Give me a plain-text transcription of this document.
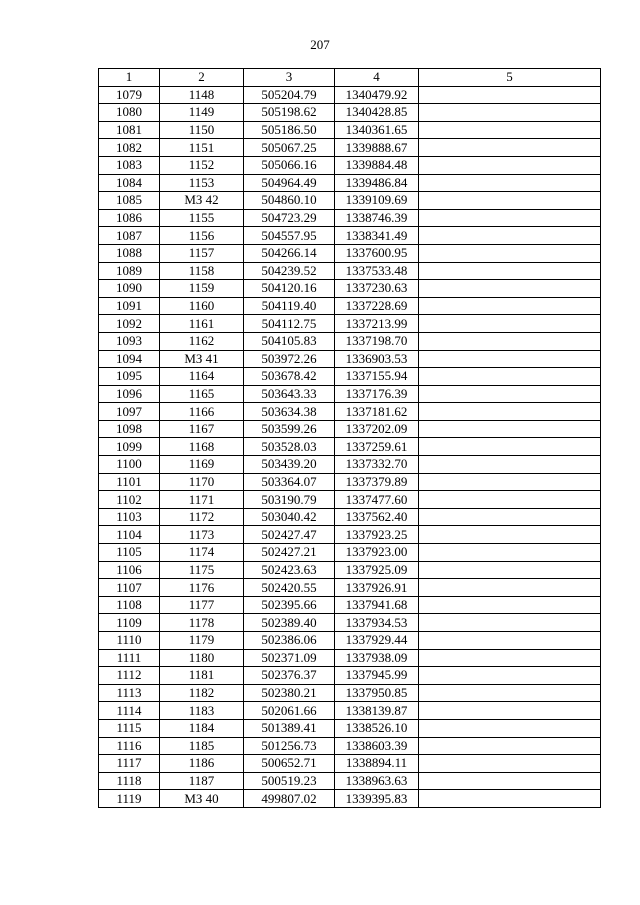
207
1	2	3	4	5
1079	1148	505204.79	1340479.92	
1080	1149	505198.62	1340428.85	
1081	1150	505186.50	1340361.65	
1082	1151	505067.25	1339888.67	
1083	1152	505066.16	1339884.48	
1084	1153	504964.49	1339486.84	
1085	МЗ 42	504860.10	1339109.69	
1086	1155	504723.29	1338746.39	
1087	1156	504557.95	1338341.49	
1088	1157	504266.14	1337600.95	
1089	1158	504239.52	1337533.48	
1090	1159	504120.16	1337230.63	
1091	1160	504119.40	1337228.69	
1092	1161	504112.75	1337213.99	
1093	1162	504105.83	1337198.70	
1094	МЗ 41	503972.26	1336903.53	
1095	1164	503678.42	1337155.94	
1096	1165	503643.33	1337176.39	
1097	1166	503634.38	1337181.62	
1098	1167	503599.26	1337202.09	
1099	1168	503528.03	1337259.61	
1100	1169	503439.20	1337332.70	
1101	1170	503364.07	1337379.89	
1102	1171	503190.79	1337477.60	
1103	1172	503040.42	1337562.40	
1104	1173	502427.47	1337923.25	
1105	1174	502427.21	1337923.00	
1106	1175	502423.63	1337925.09	
1107	1176	502420.55	1337926.91	
1108	1177	502395.66	1337941.68	
1109	1178	502389.40	1337934.53	
1110	1179	502386.06	1337929.44	
1111	1180	502371.09	1337938.09	
1112	1181	502376.37	1337945.99	
1113	1182	502380.21	1337950.85	
1114	1183	502061.66	1338139.87	
1115	1184	501389.41	1338526.10	
1116	1185	501256.73	1338603.39	
1117	1186	500652.71	1338894.11	
1118	1187	500519.23	1338963.63	
1119	МЗ 40	499807.02	1339395.83	
